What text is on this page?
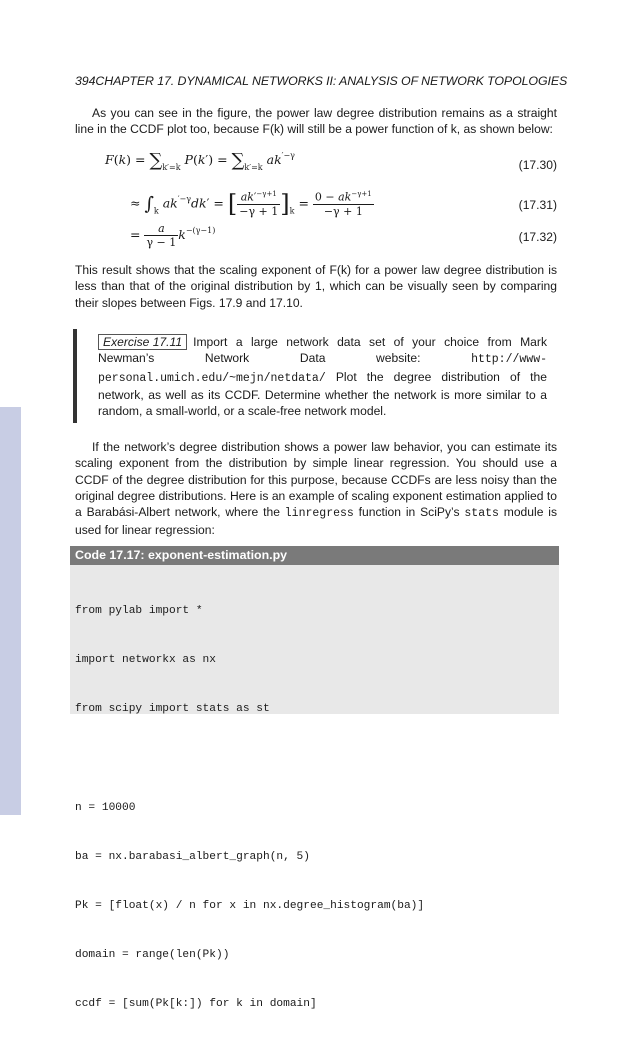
394CHAPTER 17. DYNAMICAL NETWORKS II: ANALYSIS OF NETWORK TOPOLOGIES
As you can see in the figure, the power law degree distribution remains as a straight line in the CCDF plot too, because F(k) will still be a power function of k, as shown below:
$F(k) = \sum_{k'=k}$ $P(k') = \sum_{k'=k}$ $ak^{'-\gamma}$
(17.30)
≈ $\int_k$ $ak^{'-\gamma}dk'$ = [ $\frac{ak'^{-\gamma+1}}{-\gamma + 1} ]_k = \frac{0 - ak^{-\gamma+1}}{-\gamma + 1}$	(17.31)
= $\frac{a}{\gamma - 1} k^{-(\gamma-1)}$	(17.32)
This result shows that the scaling exponent of F(k) for a power law degree distribution is less than that of the original distribution by 1, which can be visually seen by comparing their slopes between Figs. 17.9 and 17.10.
Exercise 17.11 Import a large network data set of your choice from Mark Newman’s Network Data website: http://www-personal.umich.edu/~mejn/netdata/ Plot the degree distribution of the network, as well as its CCDF. Determine whether the network is more similar to a random, a small-world, or a scale-free network model.
If the network’s degree distribution shows a power law behavior, you can estimate its scaling exponent from the distribution by simple linear regression. You should use a CCDF of the degree distribution for this purpose, because CCDFs are less noisy than the original degree distributions. Here is an example of scaling exponent estimation applied to a Barabási-Albert network, where the linregress function in SciPy’s stats module is used for linear regression:
Code 17.17: exponent-estimation.py

from pylab import *

import networkx as nx

from scipy import stats as st

n = 10000

ba = nx.barabasi_albert_graph(n, 5)

Pk = [float(x) / n for x in nx.degree_histogram(ba)]

domain = range(len(Pk))

ccdf = [sum(Pk[k:]) for k in domain]
